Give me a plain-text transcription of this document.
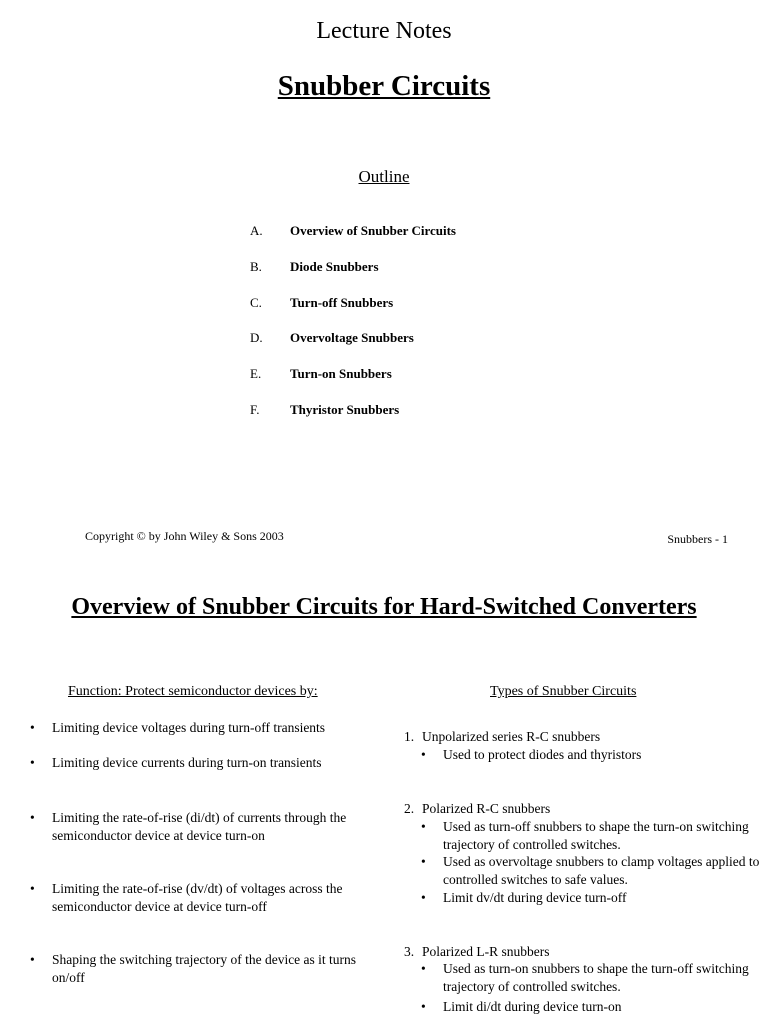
Lecture Notes
Snubber Circuits
Outline
A. Overview of Snubber Circuits
B. Diode Snubbers
C. Turn-off Snubbers
D. Overvoltage Snubbers
E. Turn-on Snubbers
F. Thyristor Snubbers
Copyright © by John Wiley & Sons 2003	Snubbers - 1
Overview of Snubber Circuits for Hard-Switched Converters
Function: Protect semiconductor devices by:	Types of Snubber Circuits
• Limiting device voltages during turn-off transients
• Limiting device currents during turn-on transients
• Limiting the rate-of-rise (di/dt) of currents through the semiconductor device at device turn-on
• Limiting the rate-of-rise (dv/dt) of voltages across the semiconductor device at device turn-off
• Shaping the switching trajectory of the device as it turns on/off
1. Unpolarized series R-C snubbers
• Used to protect diodes and thyristors
2. Polarized R-C snubbers
• Used as turn-off snubbers to shape the turn-on switching trajectory of controlled switches.
• Used as overvoltage snubbers to clamp voltages applied to controlled switches to safe values.
• Limit dv/dt during device turn-off
3. Polarized L-R snubbers
• Used as turn-on snubbers to shape the turn-off switching trajectory of controlled switches.
• Limit di/dt during device turn-on
